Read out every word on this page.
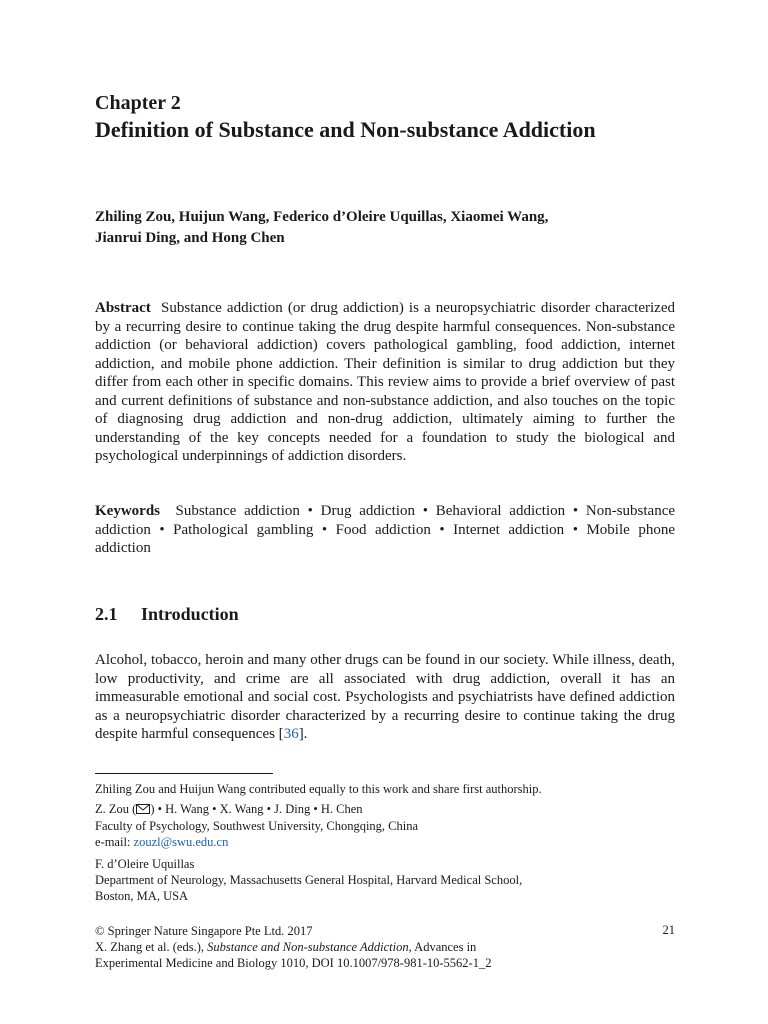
Chapter 2
Definition of Substance and Non-substance Addiction

Zhiling Zou, Huijun Wang, Federico d’Oleire Uquillas, Xiaomei Wang,
Jianrui Ding, and Hong Chen

Abstract Substance addiction (or drug addiction) is a neuropsychiatric disorder characterized by a recurring desire to continue taking the drug despite harmful consequences. Non-substance addiction (or behavioral addiction) covers pathological gambling, food addiction, internet addiction, and mobile phone addiction. Their definition is similar to drug addiction but they differ from each other in specific domains. This review aims to provide a brief overview of past and current definitions of substance and non-substance addiction, and also touches on the topic of diagnosing drug addiction and non-drug addiction, ultimately aiming to further the understanding of the key concepts needed for a foundation to study the biological and psychological underpinnings of addiction disorders.

Keywords Substance addiction • Drug addiction • Behavioral addiction • Non-substance addiction • Pathological gambling • Food addiction • Internet addiction • Mobile phone addiction

2.1 Introduction

Alcohol, tobacco, heroin and many other drugs can be found in our society. While illness, death, low productivity, and crime are all associated with drug addiction, overall it has an immeasurable emotional and social cost. Psychologists and psychiatrists have defined addiction as a neuropsychiatric disorder characterized by a recurring desire to continue taking the drug despite harmful consequences [36].

Zhiling Zou and Huijun Wang contributed equally to this work and share first authorship.

Z. Zou ( ) • H. Wang • X. Wang • J. Ding • H. Chen
Faculty of Psychology, Southwest University, Chongqing, China
e-mail: zouzl@swu.edu.cn

F. d’Oleire Uquillas
Department of Neurology, Massachusetts General Hospital, Harvard Medical School,
Boston, MA, USA

© Springer Nature Singapore Pte Ltd. 2017
X. Zhang et al. (eds.), Substance and Non-substance Addiction, Advances in
Experimental Medicine and Biology 1010, DOI 10.1007/978-981-10-5562-1_2

21
